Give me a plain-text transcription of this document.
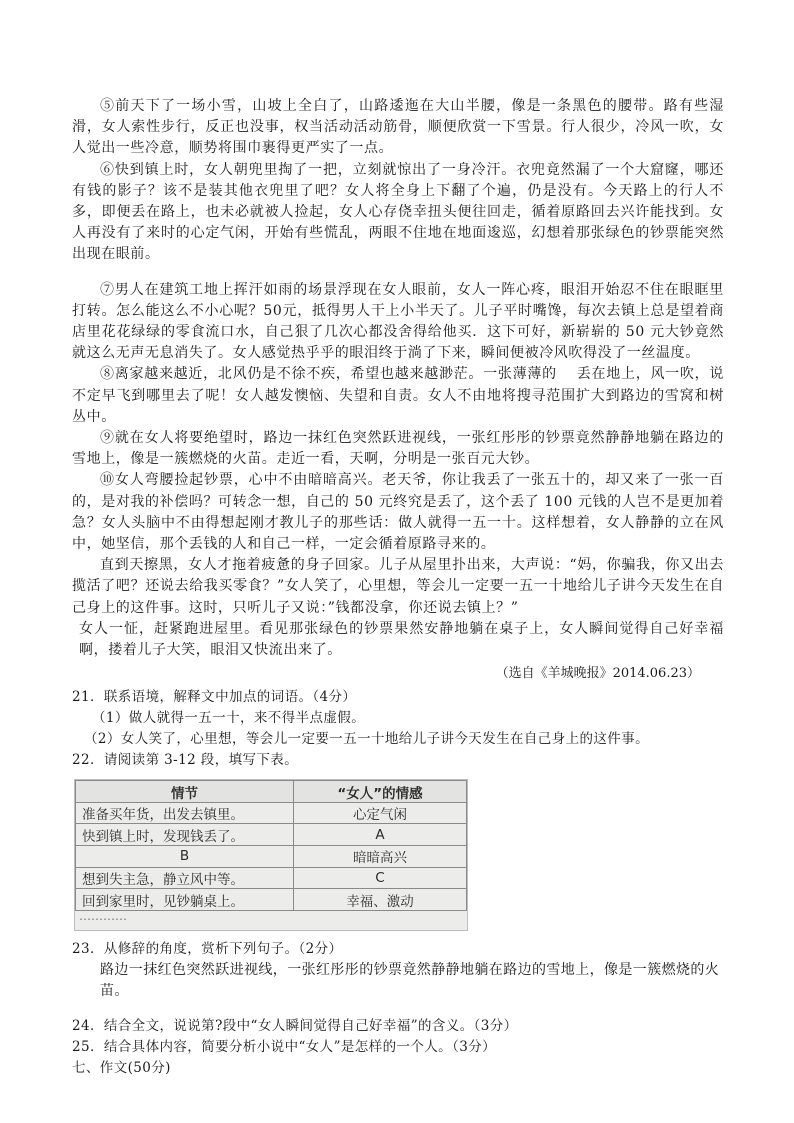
⑤前天下了一场小雪，山坡上全白了，山路逶迤在大山半腰，像是一条黑色的腰带。路有些湿滑，女人索性步行，反正也没事，权当活动活动筋骨，顺便欣赏一下雪景。行人很少，冷风一吹，女人觉出一些冷意，顺势将围巾裹得更严实了一点。

⑥快到镇上时，女人朝兜里掏了一把，立刻就惊出了一身冷汗。衣兜竟然漏了一个大窟窿，哪还有钱的影子？该不是装其他衣兜里了吧？女人将全身上下翻了个遍，仍是没有。今天路上的行人不多，即便丢在路上，也未必就被人捡起，女人心存侥幸扭头便往回走，循着原路回去兴许能找到。女人再没有了来时的心定气闲，开始有些慌乱，两眼不住地在地面逡巡，幻想着那张绿色的钞票能突然出现在眼前。

⑦男人在建筑工地上挥汗如雨的场景浮现在女人眼前，女人一阵心疼，眼泪开始忍不住在眼眶里打转。怎么能这么不小心呢？50元，抵得男人干上小半天了。儿子平时嘴馋，每次去镇上总是望着商店里花花绿绿的零食流口水，自己狠了几次心都没舍得给他买．这下可好，新崭崭的 50 元大钞竟然就这么无声无息消失了。女人感觉热乎乎的眼泪终于淌了下来，瞬间便被冷风吹得没了一丝温度。

⑧离家越来越近，北风仍是不徐不疾，希望也越来越渺茫。一张薄薄的　 丢在地上，风一吹，说不定早飞到哪里去了呢！女人越发懊恼、失望和自责。女人不由地将搜寻范围扩大到路边的雪窝和树丛中。

⑨就在女人将要绝望时，路边一抹红色突然跃进视线，一张红彤彤的钞票竟然静静地躺在路边的雪地上，像是一簇燃烧的火苗。走近一看，天啊，分明是一张百元大钞。

⑩女人弯腰捡起钞票，心中不由暗暗高兴。老天爷，你让我丢了一张五十的，却又来了一张一百的，是对我的补偿吗？可转念一想，自己的 50 元终究是丢了，这个丢了 100 元钱的人岂不是更加着急？女人头脑中不由得想起刚才教儿子的那些话：做人就得一五一十。这样想着，女人静静的立在风中，她坚信，那个丢钱的人和自己一样，一定会循着原路寻来的。

直到天擦黑，女人才拖着疲惫的身子回家。儿子从屋里扑出来，大声说：“妈，你骗我，你又出去揽活了吧？还说去给我买零食？”女人笑了，心里想，等会儿一定要一五一十地给儿子讲今天发生在自己身上的这件事。这时，只听儿子又说：”钱都没拿，你还说去镇上？”

女人一怔，赶紧跑进屋里。看见那张绿色的钞票果然安静地躺在桌子上，女人瞬间觉得自己好幸福啊，搂着儿子大笑，眼泪又快流出来了。

（选自《羊城晚报》2014.06.23）

21．联系语境，解释文中加点的词语。（4分）

（1）做人就得一五一十，来不得半点虚假。

（2）女人笑了，心里想，等会儿一定要一五一十地给儿子讲今天发生在自己身上的这件事。

22．请阅读第 3-12 段，填写下表。

情节	“女人”的情感
准备买年货，出发去镇里。	心定气闲
快到镇上时，发现钱丢了。	A
B	暗暗高兴
想到失主急，静立风中等。	C
回到家里时，见钞躺桌上。	幸福、激动
…………

23．从修辞的角度，赏析下列句子。（2分）

路边一抹红色突然跃进视线，一张红彤彤的钞票竟然静静地躺在路边的雪地上，像是一簇燃烧的火苗。

24．结合全文，说说第?段中“女人瞬间觉得自己好幸福”的含义。（3分）

25．结合具体内容，简要分析小说中“女人”是怎样的一个人。（3分）

七、作文(50分)
